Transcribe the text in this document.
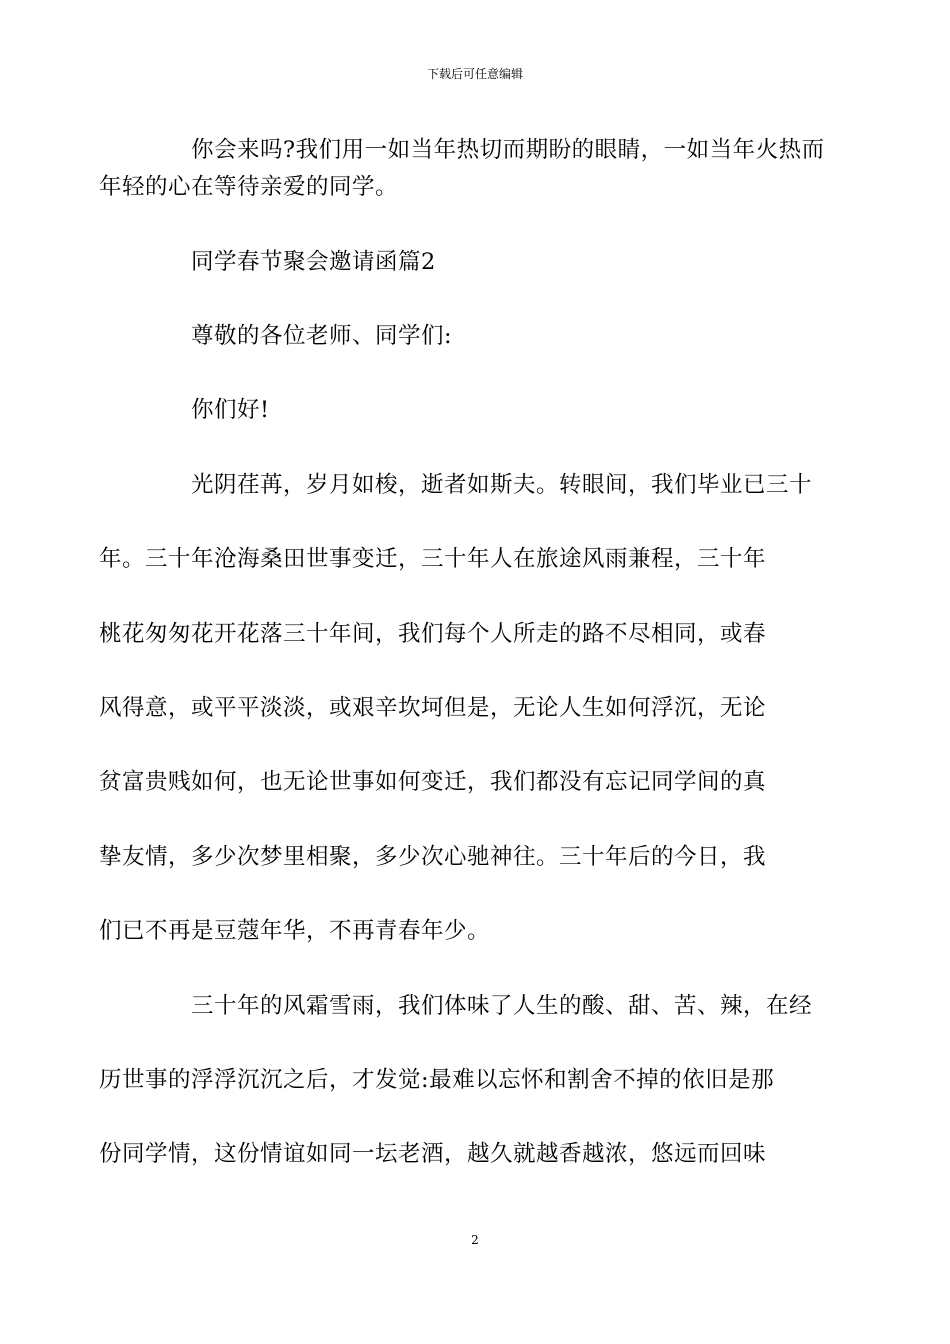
下载后可任意编辑

你会来吗?我们用一如当年热切而期盼的眼睛，一如当年火热而
年轻的心在等待亲爱的同学。

同学春节聚会邀请函篇2

尊敬的各位老师、同学们:

你们好!

光阴荏苒，岁月如梭，逝者如斯夫。转眼间，我们毕业已三十
年。三十年沧海桑田世事变迁，三十年人在旅途风雨兼程，三十年
桃花匆匆花开花落三十年间，我们每个人所走的路不尽相同，或春
风得意，或平平淡淡，或艰辛坎坷但是，无论人生如何浮沉，无论
贫富贵贱如何，也无论世事如何变迁，我们都没有忘记同学间的真
挚友情，多少次梦里相聚，多少次心驰神往。三十年后的今日，我
们已不再是豆蔻年华，不再青春年少。

三十年的风霜雪雨，我们体味了人生的酸、甜、苦、辣，在经
历世事的浮浮沉沉之后，才发觉:最难以忘怀和割舍不掉的依旧是那
份同学情，这份情谊如同一坛老酒，越久就越香越浓，悠远而回味

2
